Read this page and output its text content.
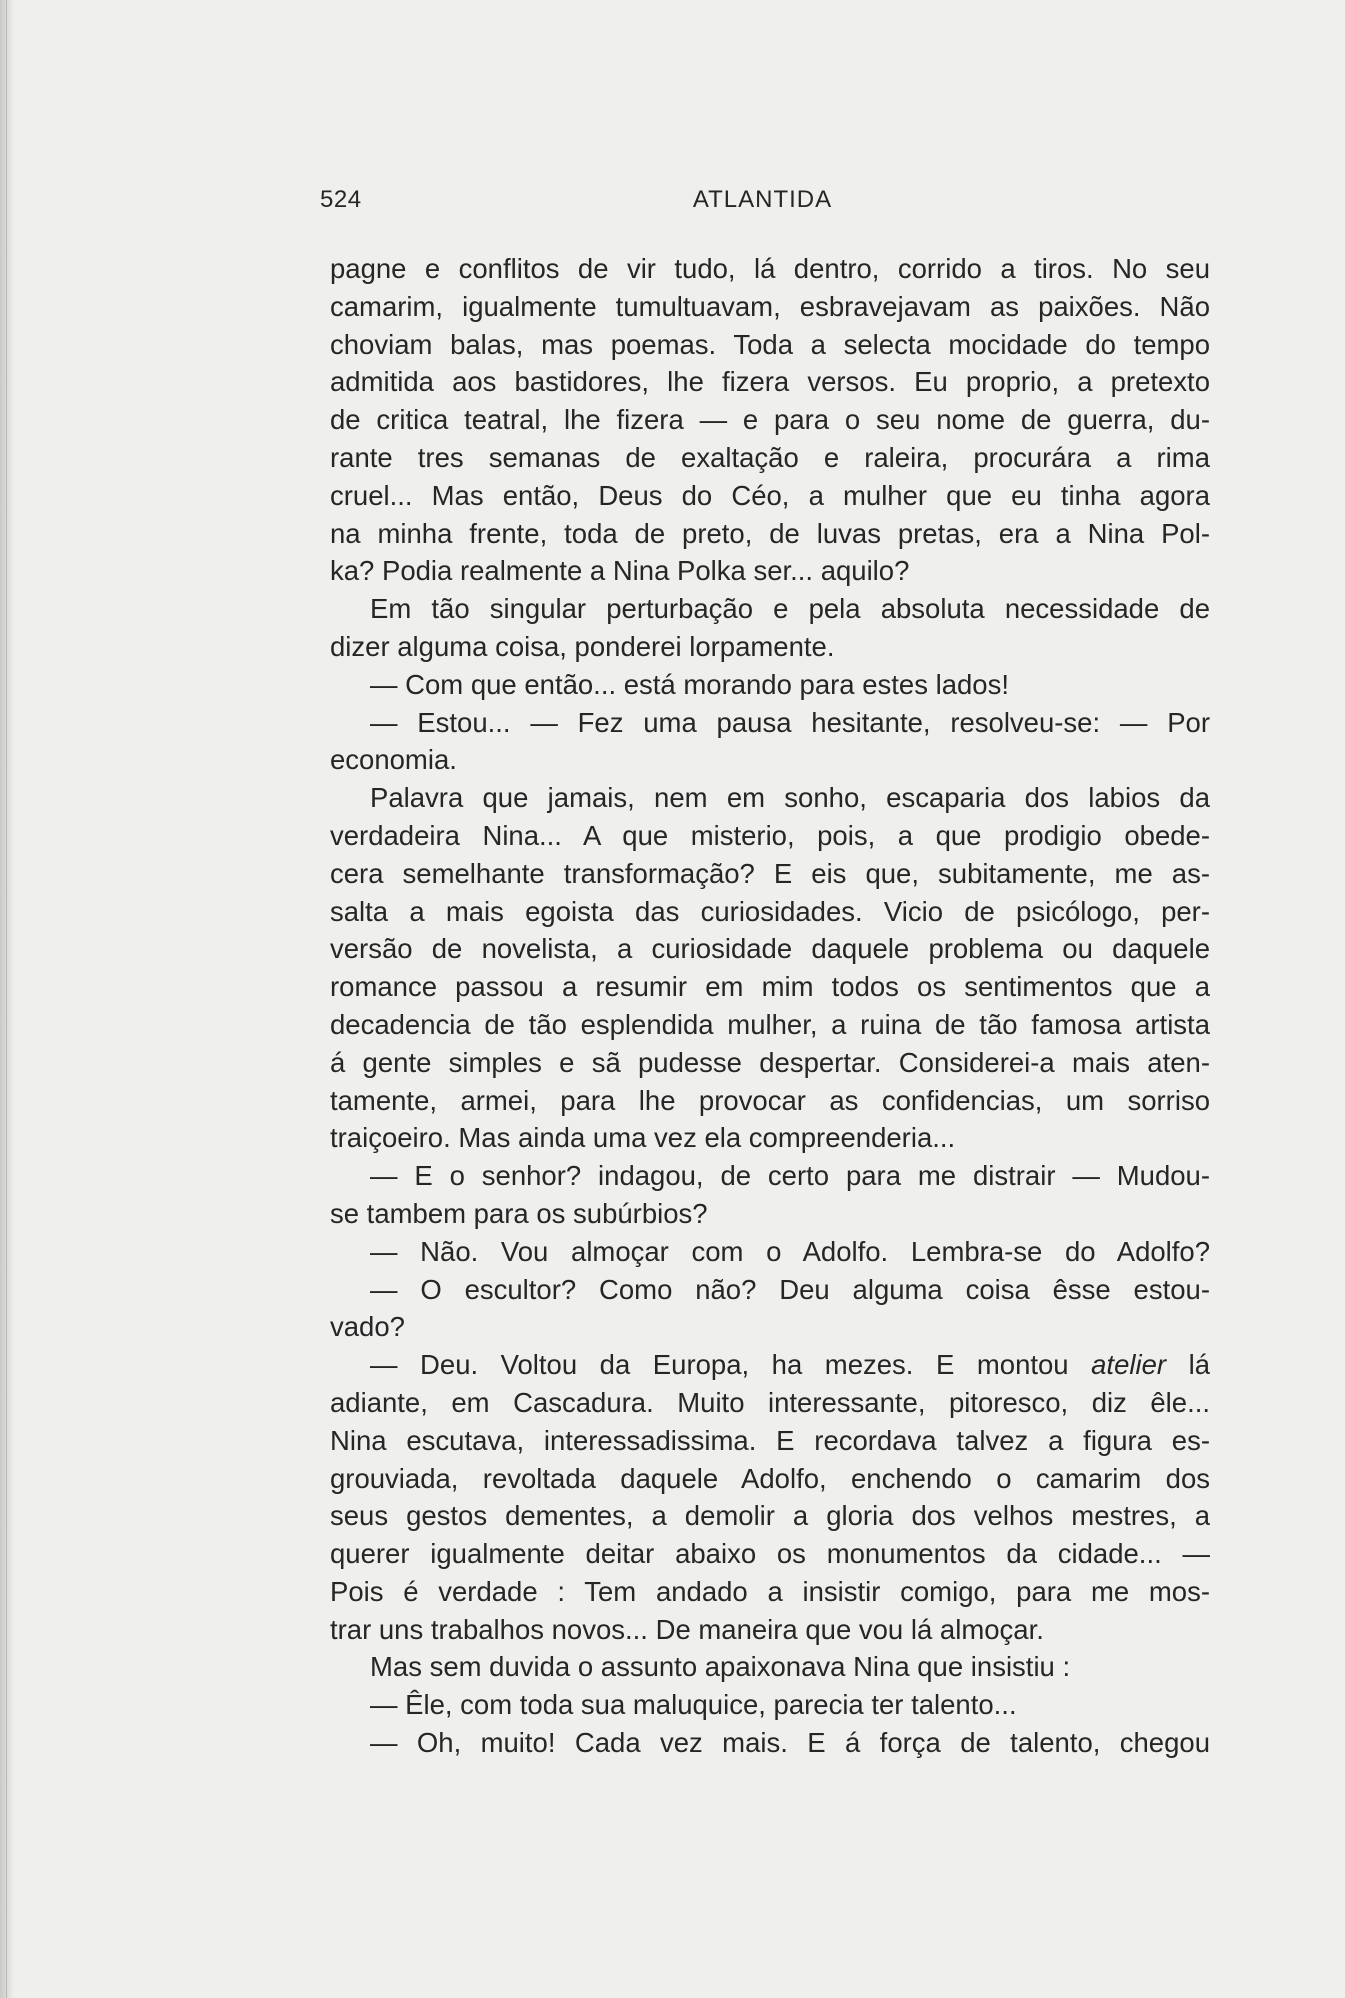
524	ATLANTIDA
pagne e conflitos de vir tudo, lá dentro, corrido a tiros. No seu
camarim, igualmente tumultuavam, esbravejavam as paixões. Não
choviam balas, mas poemas. Toda a selecta mocidade do tempo
admitida aos bastidores, lhe fizera versos. Eu proprio, a pretexto
de critica teatral, lhe fizera — e para o seu nome de guerra, du-
rante tres semanas de exaltação e raleira, procurára a rima
cruel... Mas então, Deus do Céo, a mulher que eu tinha agora
na minha frente, toda de preto, de luvas pretas, era a Nina Pol-
ka? Podia realmente a Nina Polka ser... aquilo?
Em tão singular perturbação e pela absoluta necessidade de
dizer alguma coisa, ponderei lorpamente.
— Com que então... está morando para estes lados!
— Estou... — Fez uma pausa hesitante, resolveu-se: — Por
economia.
Palavra que jamais, nem em sonho, escaparia dos labios da
verdadeira Nina... A que misterio, pois, a que prodigio obede-
cera semelhante transformação? E eis que, subitamente, me as-
salta a mais egoista das curiosidades. Vicio de psicólogo, per-
versão de novelista, a curiosidade daquele problema ou daquele
romance passou a resumir em mim todos os sentimentos que a
decadencia de tão esplendida mulher, a ruina de tão famosa artista
á gente simples e sã pudesse despertar. Considerei-a mais aten-
tamente, armei, para lhe provocar as confidencias, um sorriso
traiçoeiro. Mas ainda uma vez ela compreenderia...
— E o senhor? indagou, de certo para me distrair — Mudou-
se tambem para os subúrbios?
— Não. Vou almoçar com o Adolfo. Lembra-se do Adolfo?
— O escultor? Como não? Deu alguma coisa êsse estou-
vado?
— Deu. Voltou da Europa, ha mezes. E montou atelier lá
adiante, em Cascadura. Muito interessante, pitoresco, diz êle...
Nina escutava, interessadissima. E recordava talvez a figura es-
grouviada, revoltada daquele Adolfo, enchendo o camarim dos
seus gestos dementes, a demolir a gloria dos velhos mestres, a
querer igualmente deitar abaixo os monumentos da cidade... —
Pois é verdade : Tem andado a insistir comigo, para me mos-
trar uns trabalhos novos... De maneira que vou lá almoçar.
Mas sem duvida o assunto apaixonava Nina que insistiu :
— Êle, com toda sua maluquice, parecia ter talento...
— Oh, muito! Cada vez mais. E á força de talento, chegou
